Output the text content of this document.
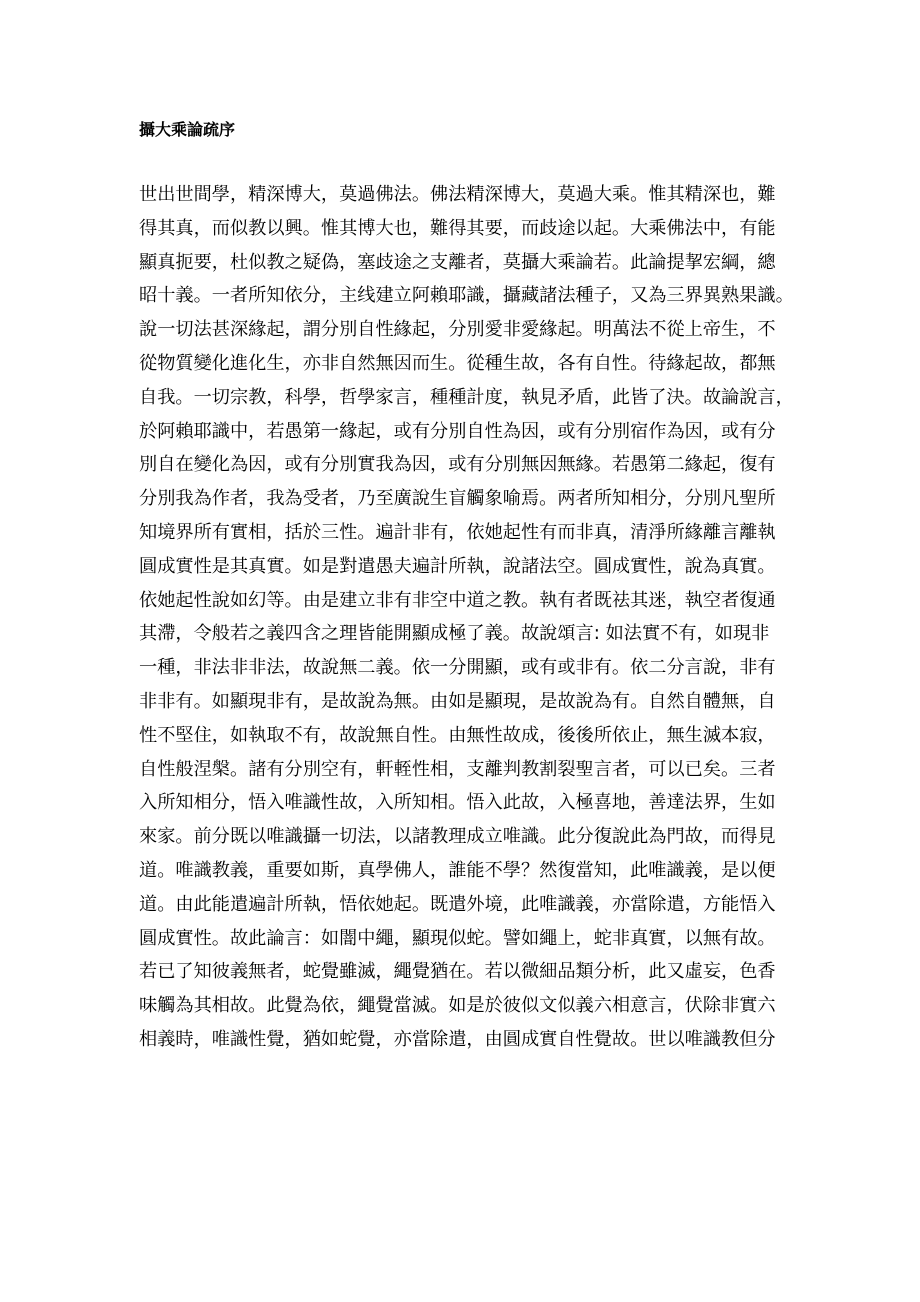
攝大乘論疏序
世出世間學，精深博大，莫過佛法。佛法精深博大，莫過大乘。惟其精深也，難
得其真，而似教以興。惟其博大也，難得其要，而歧途以起。大乘佛法中，有能
顯真扼要，杜似教之疑偽，塞歧途之支離者，莫攝大乘論若。此論提挈宏綱，總
昭十義。一者所知依分，主线建立阿賴耶識，攝藏諸法種子，又為三界異熟果識。
說一切法甚深緣起，謂分別自性緣起，分別愛非愛緣起。明萬法不從上帝生，不
從物質變化進化生，亦非自然無因而生。從種生故，各有自性。待緣起故，都無
自我。一切宗教，科學，哲學家言，種種計度，執見矛盾，此皆了決。故論說言，
於阿賴耶識中，若愚第一緣起，或有分別自性為因，或有分別宿作為因，或有分
別自在變化為因，或有分別實我為因，或有分別無因無緣。若愚第二緣起，復有
分別我為作者，我為受者，乃至廣說生盲觸象喻焉。两者所知相分，分別凡聖所
知境界所有實相，括於三性。遍計非有，依她起性有而非真，清淨所緣離言離執
圓成實性是其真實。如是對遣愚夫遍計所執，說諸法空。圓成實性，說為真實。
依她起性說如幻等。由是建立非有非空中道之教。執有者既祛其迷，執空者復通
其滯，令般若之義四含之理皆能開顯成極了義。故說頌言: 如法實不有，如現非
一種，非法非非法，故說無二義。依一分開顯，或有或非有。依二分言說，非有
非非有。如顯現非有，是故說為無。由如是顯現，是故說為有。自然自體無，自
性不堅住，如執取不有，故說無自性。由無性故成，後後所依止，無生滅本寂，
自性般涅槃。諸有分別空有，軒輊性相，支離判教割裂聖言者，可以已矣。三者
入所知相分，悟入唯識性故，入所知相。悟入此故，入極喜地，善達法界，生如
來家。前分既以唯識攝一切法，以諸教理成立唯識。此分復說此為門故，而得見
道。唯識教義，重要如斯，真學佛人，誰能不學？然復當知，此唯識義，是以便
道。由此能遣遍計所執，悟依她起。既遣外境，此唯識義，亦當除遣，方能悟入
圓成實性。故此論言：如闇中繩，顯現似蛇。譬如繩上，蛇非真實，以無有故。
若已了知彼義無者，蛇覺雖滅，繩覺猶在。若以微細品類分析，此又虛妄，色香
味觸為其相故。此覺為依，繩覺當滅。如是於彼似文似義六相意言，伏除非實六
相義時，唯識性覺，猶如蛇覺，亦當除遣，由圓成實自性覺故。世以唯識教但分
